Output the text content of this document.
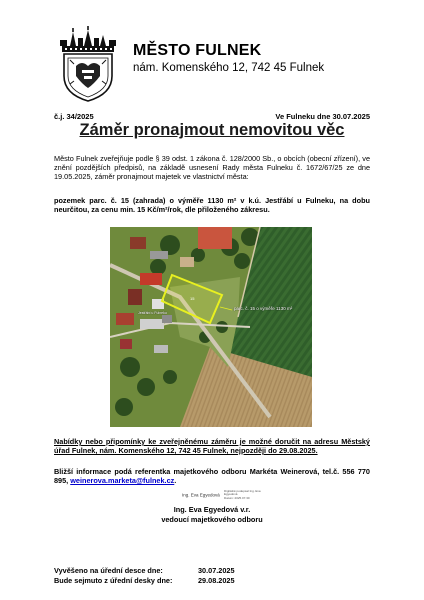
MĚSTO FULNEK
nám. Komenského 12, 742 45 Fulnek
č.j. 34/2025	Ve Fulneku dne 30.07.2025
Záměr pronajmout nemovitou věc
Město Fulnek zveřejňuje podle § 39 odst. 1 zákona č. 128/2000 Sb., o obcích (obecní zřízení), ve znění pozdějších předpisů, na základě usnesení Rady města Fulneku č. 1672/67/25 ze dne 19.05.2025, záměr pronajmout majetek ve vlastnictví města:
pozemek parc. č. 15 (zahrada) o výměře 1130 m² v k.ú. Jestřábí u Fulneku, na dobu neurčitou, za cenu min. 15 Kč/m²/rok, dle přiloženého zákresu.
15
parc. č. 15 o výměře 1130 m²
Jestřábí u Fulneku
Nabídky nebo připomínky ke zveřejněnému záměru je možné doručit na adresu Městský úřad Fulnek, nám. Komenského 12, 742 45 Fulnek, nejpozději do 29.08.2025.
Bližší informace podá referentka majetkového odboru Markéta Weinerová, tel.č. 556 770 895, weinerova.marketa@fulnek.cz.
Ing. Eva Egyedová Digitálně podepsal Ing. Eva
Egyedová
Datum: 2025.07.30
Ing. Eva Egyedová v.r.
vedoucí majetkového odboru
Vyvěšeno na úřední desce dne:
Bude sejmuto z úřední desky dne:
30.07.2025
29.08.2025
